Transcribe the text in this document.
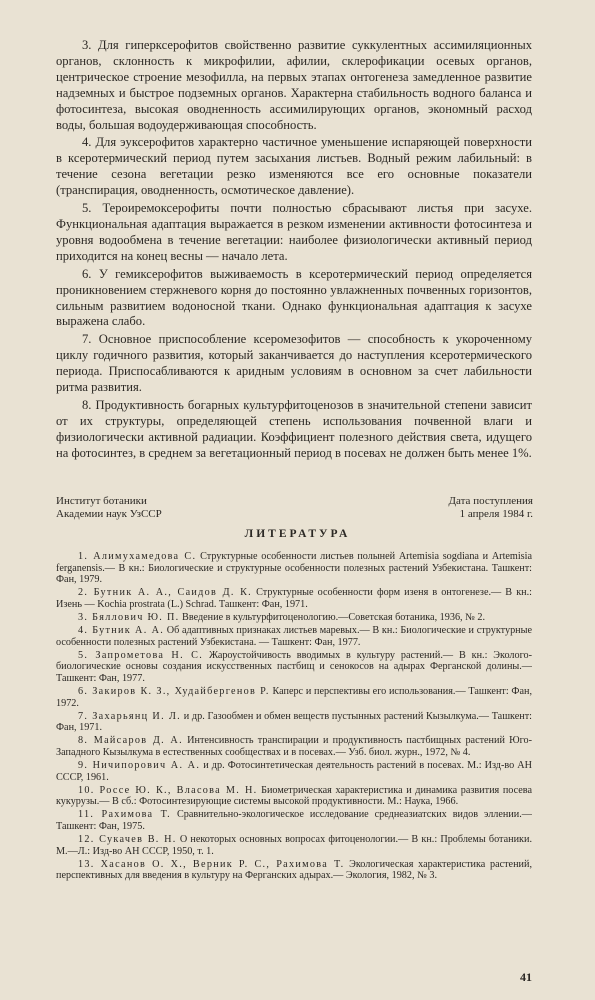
3. Для гиперксерофитов свойственно развитие суккулентных ассимиляционных органов, склонность к микрофилии, афилии, склерофикации осевых органов, центрическое строение мезофилла, на первых этапах онтогенеза замедленное развитие надземных и быстрое подземных органов. Характерна стабильность водного баланса и фотосинтеза, высокая оводненность ассимилирующих органов, экономный расход воды, большая водоудерживающая способность.

4. Для эуксерофитов характерно частичное уменьшение испаряющей поверхности в ксеротермический период путем засыхания листьев. Водный режим лабильный: в течение сезона вегетации резко изменяются все его основные показатели (транспирация, оводненность, осмотическое давление).

5. Тероиремоксерофиты почти полностью сбрасывают листья при засухе. Функциональная адаптация выражается в резком изменении активности фотосинтеза и уровня водообмена в течение вегетации: наиболее физиологически активный период приходится на конец весны — начало лета.

6. У гемиксерофитов выживаемость в ксеротермический период определяется проникновением стержневого корня до постоянно увлажненных почвенных горизонтов, сильным развитием водоносной ткани. Однако функциональная адаптация к засухе выражена слабо.

7. Основное приспособление ксеромезофитов — способность к укороченному циклу годичного развития, который заканчивается до наступления ксеротермического периода. Приспосабливаются к аридным условиям в основном за счет лабильности ритма развития.

8. Продуктивность богарных культурфитоценозов в значительной степени зависит от их структуры, определяющей степень использования почвенной влаги и физиологически активной радиации. Коэффициент полезного действия света, идущего на фотосинтез, в среднем за вегетационный период в посевах не должен быть менее 1%.

Институт ботаники
Академии наук УзССР
Дата поступления
1 апреля 1984 г.
ЛИТЕРАТУРА

1. Алимухамедова С. Структурные особенности листьев полыней Artemisia sogdiana и Artemisia ferganensis.— В кн.: Биологические и структурные особенности полезных растений Узбекистана. Ташкент: Фан, 1979.

2. Бутник А. А., Саидов Д. К. Структурные особенности форм изеня в онтогенезе.— В кн.: Изень — Kochia prostrata (L.) Schrad. Ташкент: Фан, 1971.

3. Бяллович Ю. П. Введение в культурфитоценологию.—Советская ботаника, 1936, № 2.

4. Бутник А. А. Об адаптивных признаках листьев маревых.— В кн.: Биологические и структурные особенности полезных растений Узбекистана. — Ташкент: Фан, 1977.

5. Запрометова Н. С. Жароустойчивость вводимых в культуру растений.— В кн.: Эколого-биологические основы создания искусственных пастбищ и сенокосов на адырах Ферганской долины.— Ташкент: Фан, 1977.

6. Закиров К. З., Худайбергенов Р. Каперс и перспективы его использования.— Ташкент: Фан, 1972.

7. Захарьянц И. Л. и др. Газообмен и обмен веществ пустынных растений Кызылкума.— Ташкент: Фан, 1971.

8. Майсаров Д. А. Интенсивность транспирации и продуктивность пастбищных растений Юго-Западного Кызылкума в естественных сообществах и в посевах.— Узб. биол. журн., 1972, № 4.

9. Ничипорович А. А. и др. Фотосинтетическая деятельность растений в посевах. М.: Изд-во АН СССР, 1961.

10. Россе Ю. К., Власова М. Н. Биометрическая характеристика и динамика развития посева кукурузы.— В сб.: Фотосинтезирующие системы высокой продуктивности. М.: Наука, 1966.

11. Рахимова Т. Сравнительно-экологическое исследование среднеазиатских видов эллении.— Ташкент: Фан, 1975.

12. Сукачев В. Н. О некоторых основных вопросах фитоценологии.— В кн.: Проблемы ботаники. М.—Л.: Изд-во АН СССР, 1950, т. 1.

13. Хасанов О. Х., Верник Р. С., Рахимова Т. Экологическая характеристика растений, перспективных для введения в культуру на Ферганских адырах.— Экология, 1982, № 3.

41
